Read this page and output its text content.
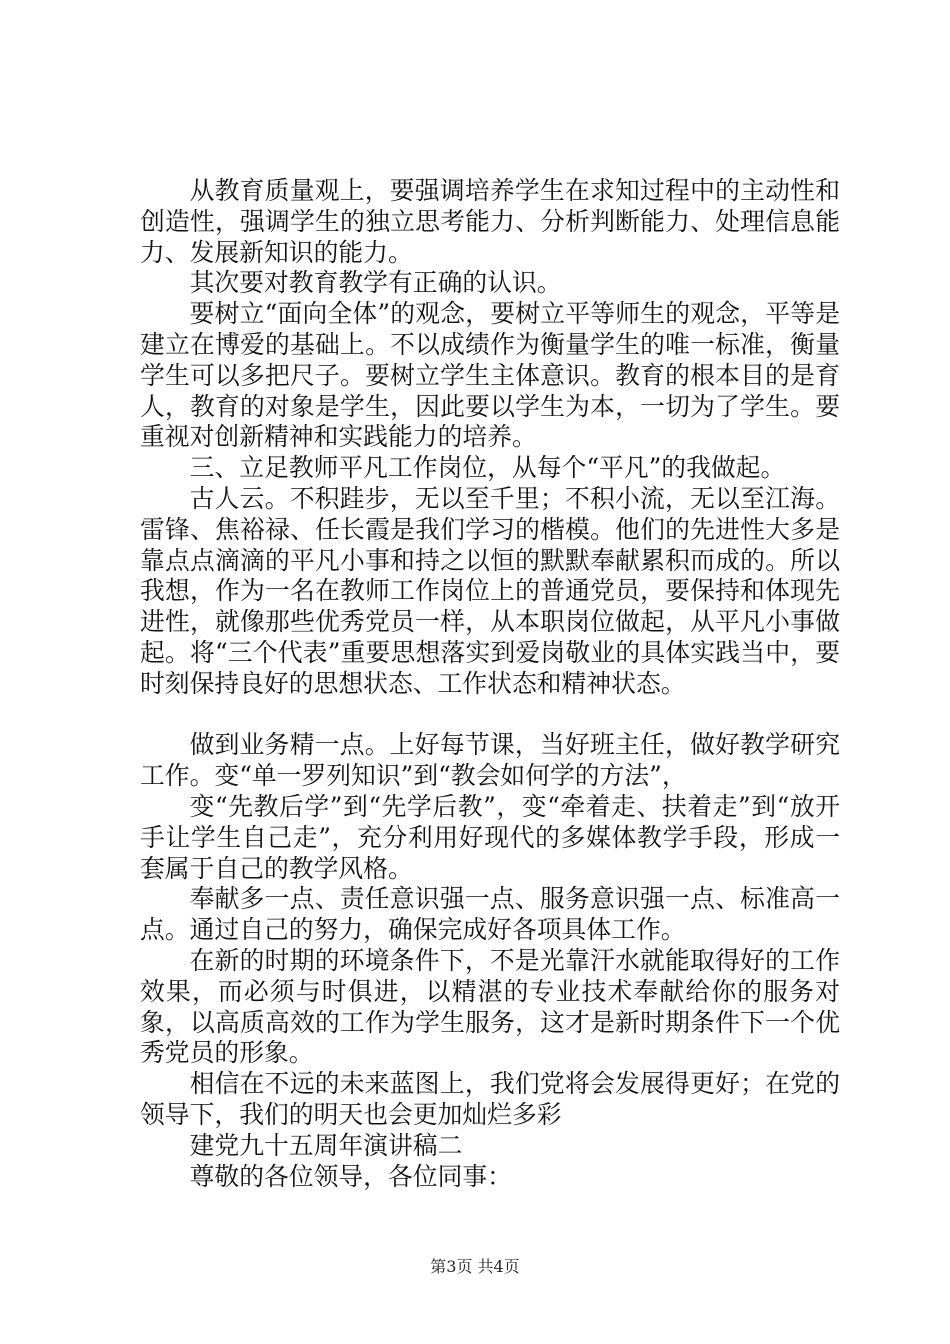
从教育质量观上，要强调培养学生在求知过程中的主动性和创造性，强调学生的独立思考能力、分析判断能力、处理信息能力、发展新知识的能力。

其次要对教育教学有正确的认识。

要树立“面向全体”的观念，要树立平等师生的观念，平等是建立在博爱的基础上。不以成绩作为衡量学生的唯一标准，衡量学生可以多把尺子。要树立学生主体意识。教育的根本目的是育人，教育的对象是学生，因此要以学生为本，一切为了学生。要重视对创新精神和实践能力的培养。

三、立足教师平凡工作岗位，从每个“平凡”的我做起。

古人云。不积跬步，无以至千里；不积小流，无以至江海。雷锋、焦裕禄、任长霞是我们学习的楷模。他们的先进性大多是靠点点滴滴的平凡小事和持之以恒的默默奉献累积而成的。所以我想，作为一名在教师工作岗位上的普通党员，要保持和体现先进性，就像那些优秀党员一样，从本职岗位做起，从平凡小事做起。将“三个代表”重要思想落实到爱岗敬业的具体实践当中，要时刻保持良好的思想状态、工作状态和精神状态。

做到业务精一点。上好每节课，当好班主任，做好教学研究工作。变“单一罗列知识”到“教会如何学的方法”，

变“先教后学”到“先学后教”，变“牵着走、扶着走”到“放开手让学生自己走”，充分利用好现代的多媒体教学手段，形成一套属于自己的教学风格。

奉献多一点、责任意识强一点、服务意识强一点、标准高一点。通过自己的努力，确保完成好各项具体工作。

在新的时期的环境条件下，不是光靠汗水就能取得好的工作效果，而必须与时俱进，以精湛的专业技术奉献给你的服务对象，以高质高效的工作为学生服务，这才是新时期条件下一个优秀党员的形象。

相信在不远的未来蓝图上，我们党将会发展得更好；在党的领导下，我们的明天也会更加灿烂多彩

建党九十五周年演讲稿二

尊敬的各位领导，各位同事：

第3页 共4页
